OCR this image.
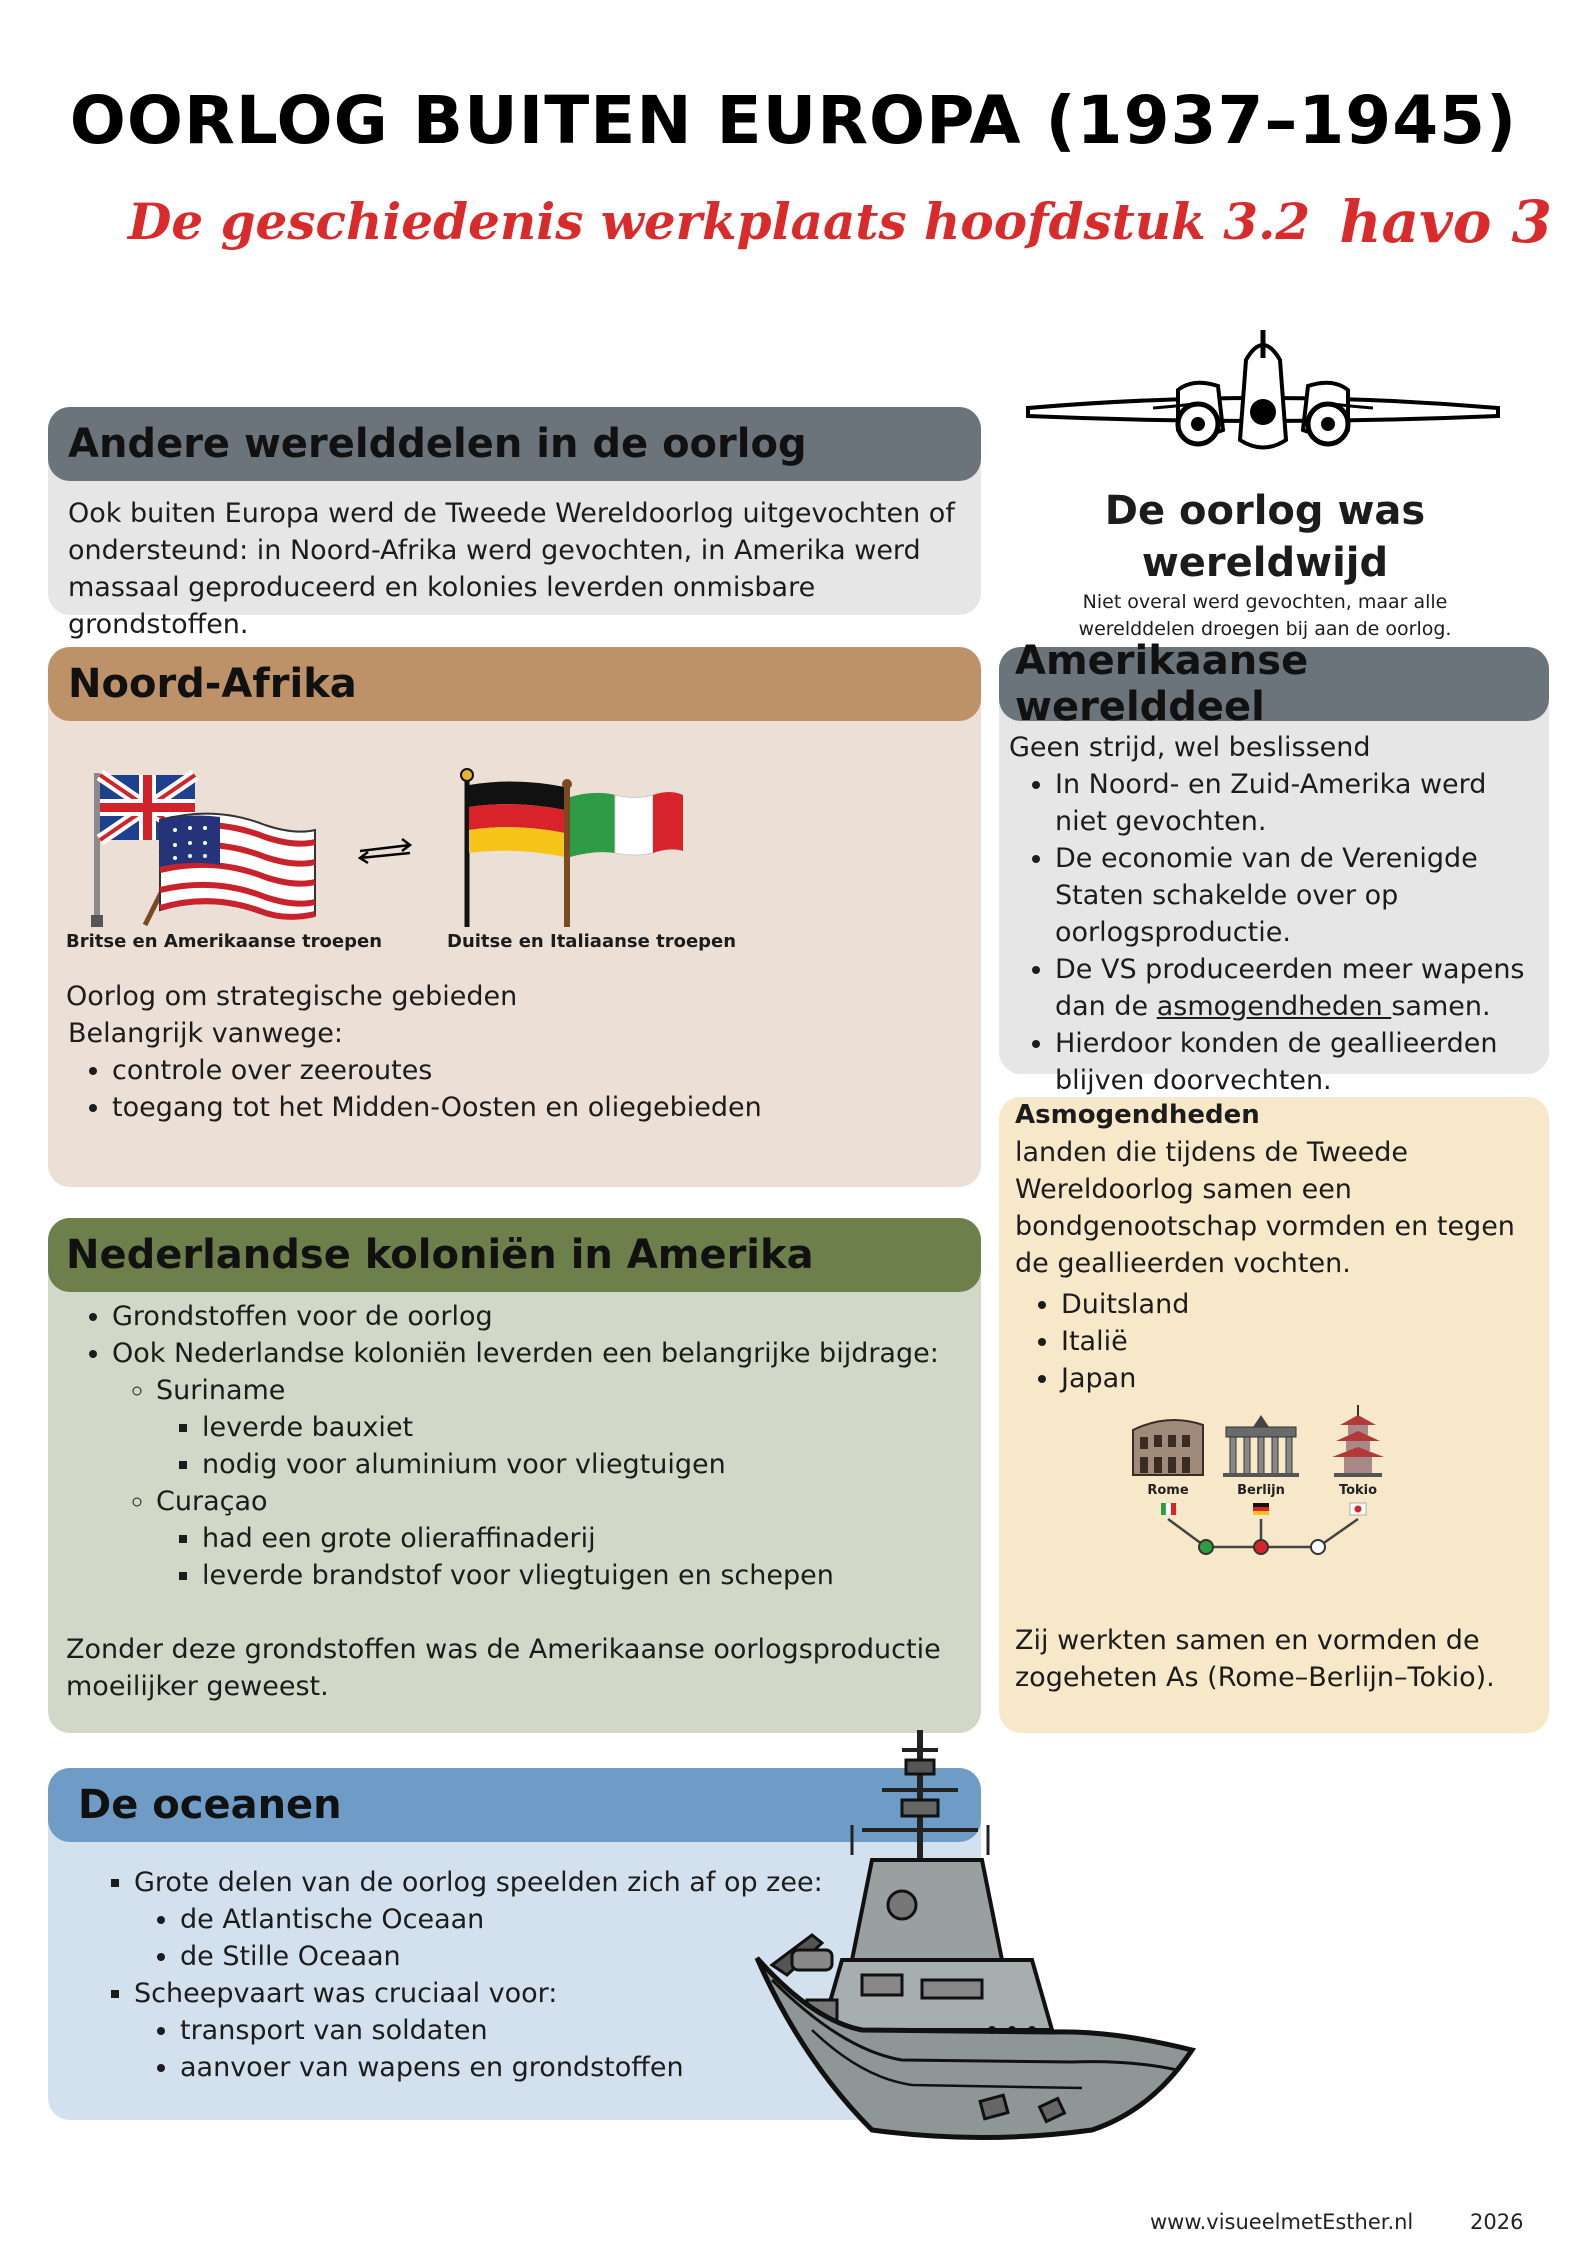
OORLOG BUITEN EUROPA (1937–1945)
De geschiedenis werkplaats hoofdstuk 3.2 havo 3
De oorlog was wereldwijd
Niet overal werd gevochten, maar alle werelddelen droegen bij aan de oorlog.
Andere werelddelen in de oorlog
Ook buiten Europa werd de Tweede Wereldoorlog uitgevochten of ondersteund: in Noord-Afrika werd gevochten, in Amerika werd massaal geproduceerd en kolonies leverden onmisbare grondstoffen.
Noord-Afrika
Britse en Amerikaanse troepen	Duitse en Italiaanse troepen
Oorlog om strategische gebieden
Belangrijk vanwege:
• controle over zeeroutes
• toegang tot het Midden-Oosten en oliegebieden
Amerikaanse werelddeel
Geen strijd, wel beslissend
• In Noord- en Zuid-Amerika werd niet gevochten.
• De economie van de Verenigde Staten schakelde over op oorlogsproductie.
• De VS produceerden meer wapens dan de asmogendheden samen.
• Hierdoor konden de geallieerden blijven doorvechten.
Asmogendheden
landen die tijdens de Tweede Wereldoorlog samen een bondgenootschap vormden en tegen de geallieerden vochten.
• Duitsland
• Italië
• Japan
Zij werkten samen en vormden de zogeheten As (Rome–Berlijn–Tokio).
Rome	Berlijn	Tokio
Nederlandse koloniën in Amerika
• Grondstoffen voor de oorlog
• Ook Nederlandse koloniën leverden een belangrijke bijdrage:
◦ Suriname
▪ leverde bauxiet
▪ nodig voor aluminium voor vliegtuigen
◦ Curaçao
▪ had een grote olieraffinaderij
▪ leverde brandstof voor vliegtuigen en schepen
Zonder deze grondstoffen was de Amerikaanse oorlogsproductie moeilijker geweest.
De oceanen
▪ Grote delen van de oorlog speelden zich af op zee:
• de Atlantische Oceaan
• de Stille Oceaan
▪ Scheepvaart was cruciaal voor:
• transport van soldaten
• aanvoer van wapens en grondstoffen
www.visueelmetEsther.nl	2026
